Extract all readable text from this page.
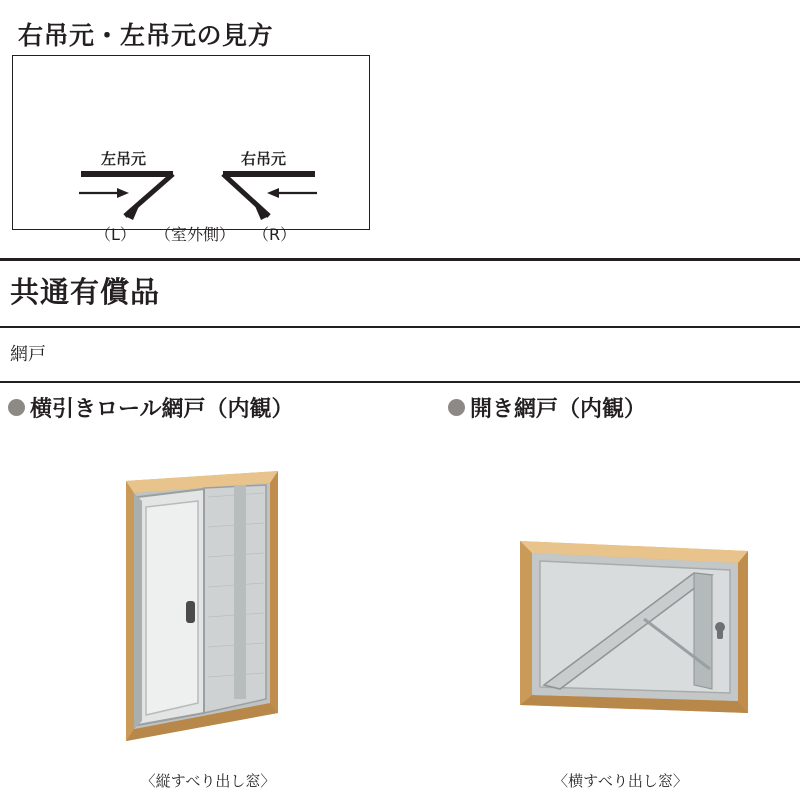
右吊元・左吊元の見方
左吊元	右吊元
（L） （室外側） （R）
共通有償品
網戸
横引きロール網戸（内観）	開き網戸（内観）
〈縦すべり出し窓〉	〈横すべり出し窓〉
